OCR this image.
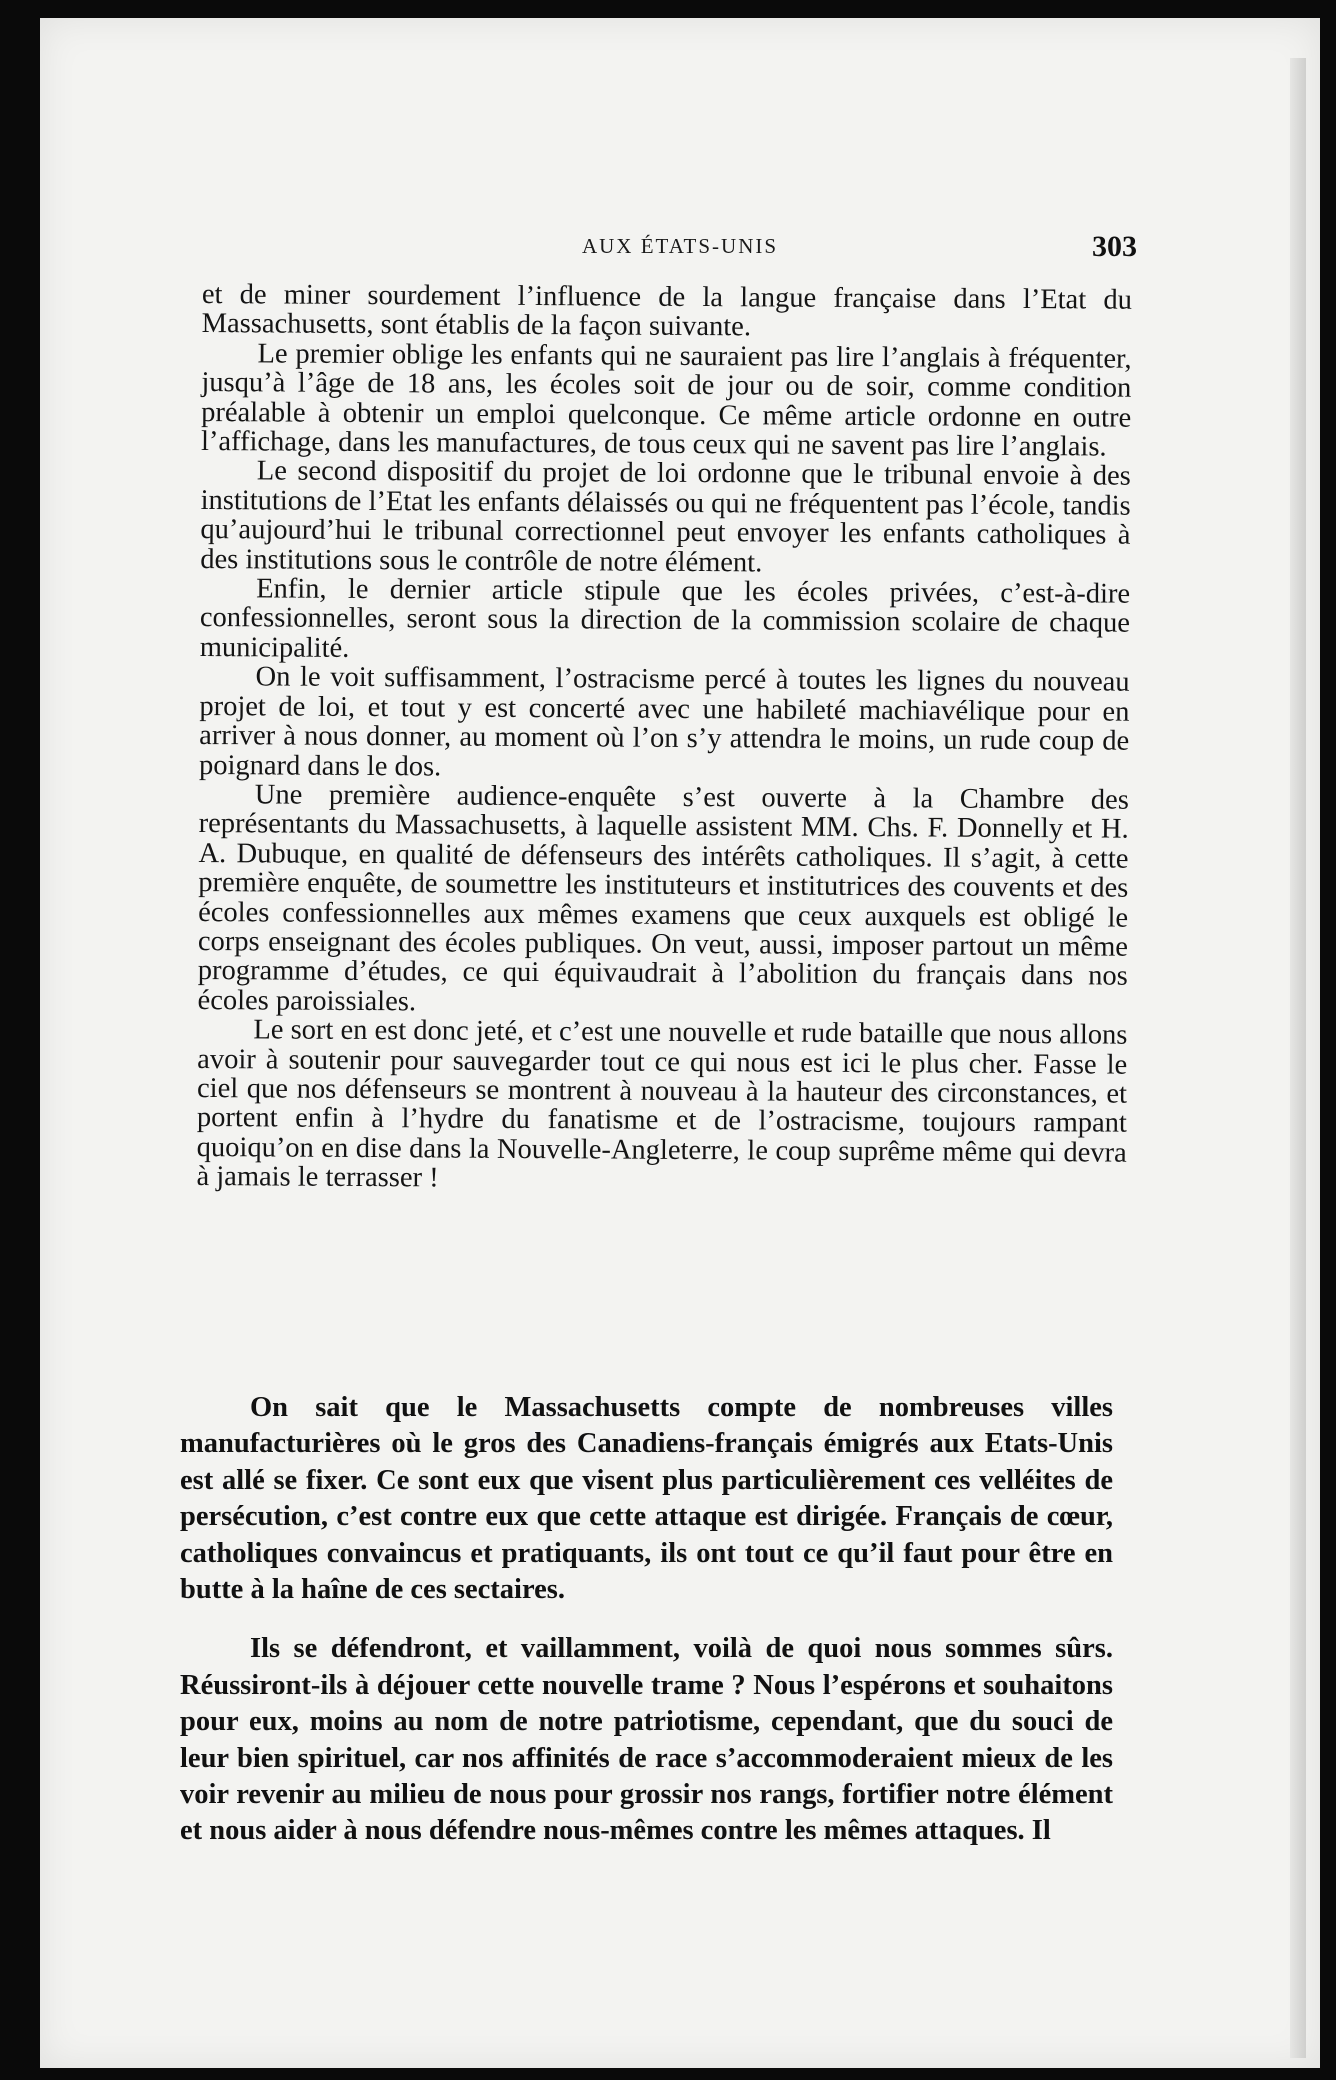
AUX ÉTATS-UNIS	303

et de miner sourdement l’influence de la langue française dans l’Etat du Massachusetts, sont établis de la façon suivante.

Le premier oblige les enfants qui ne sauraient pas lire l’anglais à fréquenter, jusqu’à l’âge de 18 ans, les écoles soit de jour ou de soir, comme condition préalable à obtenir un emploi quelconque. Ce même article ordonne en outre l’affichage, dans les manufactures, de tous ceux qui ne savent pas lire l’anglais.

Le second dispositif du projet de loi ordonne que le tribunal envoie à des institutions de l’Etat les enfants délaissés ou qui ne fréquentent pas l’école, tandis qu’aujourd’hui le tribunal correctionnel peut envoyer les enfants catholiques à des institutions sous le contrôle de notre élément.

Enfin, le dernier article stipule que les écoles privées, c’est-à-dire confessionnelles, seront sous la direction de la commission scolaire de chaque municipalité.

On le voit suffisamment, l’ostracisme percé à toutes les lignes du nouveau projet de loi, et tout y est concerté avec une habileté machiavélique pour en arriver à nous donner, au moment où l’on s’y attendra le moins, un rude coup de poignard dans le dos.

Une première audience-enquête s’est ouverte à la Chambre des représentants du Massachusetts, à laquelle assistent MM. Chs. F. Donnelly et H. A. Dubuque, en qualité de défenseurs des intérêts catholiques. Il s’agit, à cette première enquête, de soumettre les instituteurs et institutrices des couvents et des écoles confessionnelles aux mêmes examens que ceux auxquels est obligé le corps enseignant des écoles publiques. On veut, aussi, imposer partout un même programme d’études, ce qui équivaudrait à l’abolition du français dans nos écoles paroissiales.

Le sort en est donc jeté, et c’est une nouvelle et rude bataille que nous allons avoir à soutenir pour sauvegarder tout ce qui nous est ici le plus cher. Fasse le ciel que nos défenseurs se montrent à nouveau à la hauteur des circonstances, et portent enfin à l’hydre du fanatisme et de l’ostracisme, toujours rampant quoiqu’on en dise dans la Nouvelle-Angleterre, le coup suprême même qui devra à jamais le terrasser !

On sait que le Massachusetts compte de nombreuses villes manufacturières où le gros des Canadiens-français émigrés aux Etats-Unis est allé se fixer. Ce sont eux que visent plus particulièrement ces velléites de persécution, c’est contre eux que cette attaque est dirigée. Français de cœur, catholiques convaincus et pratiquants, ils ont tout ce qu’il faut pour être en butte à la haîne de ces sectaires.

Ils se défendront, et vaillamment, voilà de quoi nous sommes sûrs. Réussiront-ils à déjouer cette nouvelle trame ? Nous l’espérons et souhaitons pour eux, moins au nom de notre patriotisme, cependant, que du souci de leur bien spirituel, car nos affinités de race s’accommoderaient mieux de les voir revenir au milieu de nous pour grossir nos rangs, fortifier notre élément et nous aider à nous défendre nous-mêmes contre les mêmes attaques. Il
